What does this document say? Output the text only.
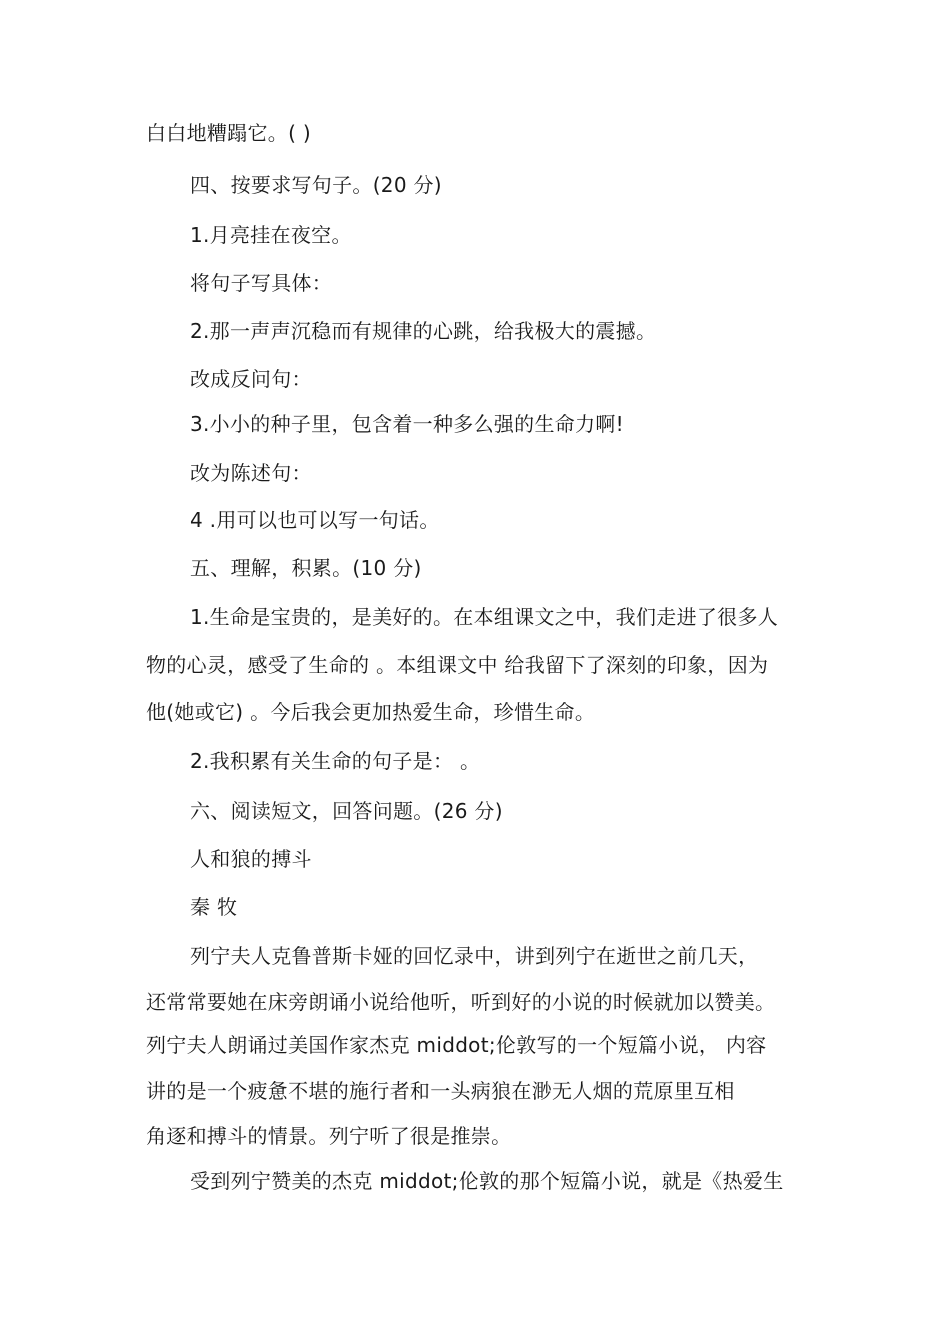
白白地糟蹋它。( )
四、按要求写句子。(20 分)
1.月亮挂在夜空。
将句子写具体：
2.那一声声沉稳而有规律的心跳，给我极大的震撼。
改成反问句：
3.小小的种子里，包含着一种多么强的生命力啊!
改为陈述句：
4 .用可以也可以写一句话。
五、理解，积累。(10 分)
1.生命是宝贵的，是美好的。在本组课文之中，我们走进了很多人
物的心灵，感受了生命的 。本组课文中 给我留下了深刻的印象，因为
他(她或它) 。今后我会更加热爱生命，珍惜生命。
2.我积累有关生命的句子是： 。
六、阅读短文，回答问题。(26 分)
人和狼的搏斗
秦 牧
列宁夫人克鲁普斯卡娅的回忆录中，讲到列宁在逝世之前几天，
还常常要她在床旁朗诵小说给他听，听到好的小说的时候就加以赞美。
列宁夫人朗诵过美国作家杰克 middot;伦敦写的一个短篇小说， 内容
讲的是一个疲惫不堪的施行者和一头病狼在渺无人烟的荒原里互相
角逐和搏斗的情景。列宁听了很是推崇。
受到列宁赞美的杰克 middot;伦敦的那个短篇小说，就是《热爱生
